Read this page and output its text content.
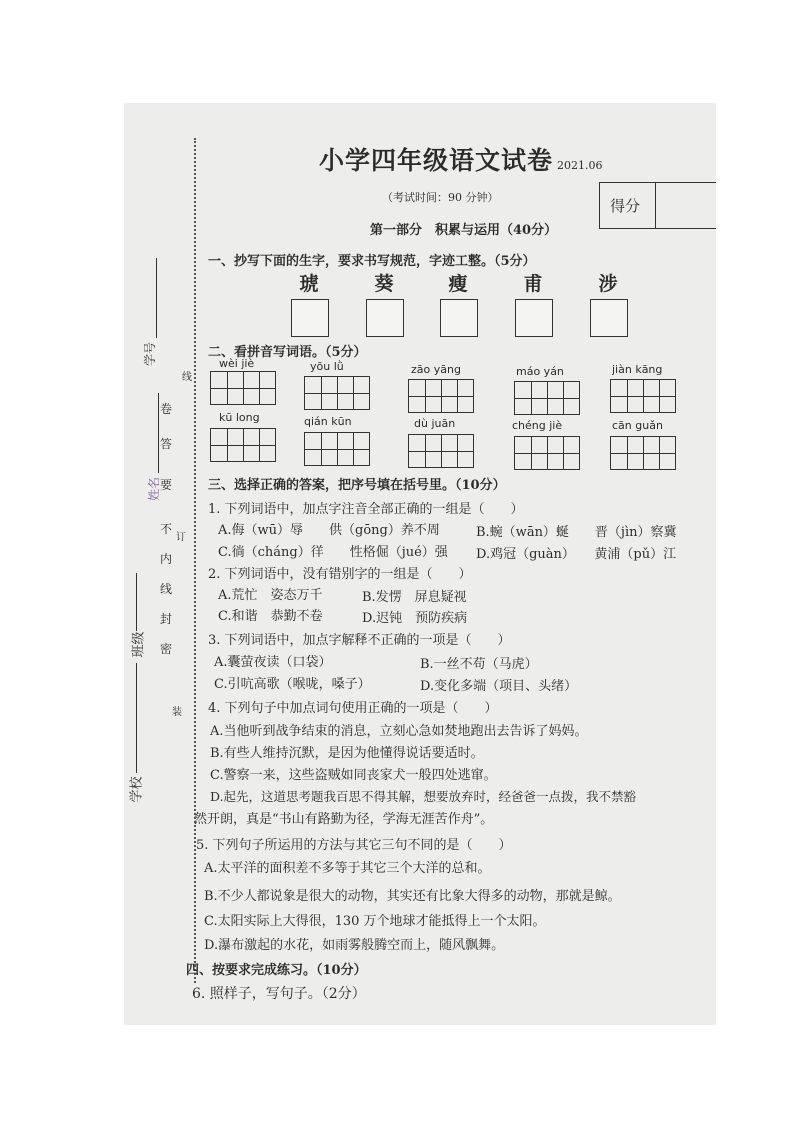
学校
班级
姓名
学号
密
封
线
内
不
要
答
卷
装
订
线
小学四年级语文试卷 2021.06
（考试时间：90 分钟）
第一部分　积累与运用（40分）
得分
一、抄写下面的生字，要求书写规范，字迹工整。（5分）
琥	葵	瘦	甫	涉
二、看拼音写词语。（5分）
wèi jiè	yōu lǜ	zāo yāng	máo yán	jiàn kāng
kū long	qián kūn	dù juān	chéng jiè	cān guǎn
三、选择正确的答案，把序号填在括号里。（10分）
1. 下列词语中，加点字注音全部正确的一组是（　　）
A.侮（wū）辱　　供（gōng）养不周	B.蜿（wān）蜒　　晋（jìn）察冀
C.徜（cháng）徉　　性格倔（jué）强 D.鸡冠（guàn）　　黄浦（pǔ）江
2. 下列词语中，没有错别字的一组是（　　）
A.荒忙　姿态万千	B.发愣　屏息疑视
C.和谐　恭勤不卷	D.迟钝　预防疾病
3. 下列词语中，加点字解释不正确的一项是（　　）
A.囊萤夜读（口袋）	B.一丝不苟（马虎）
C.引吭高歌（喉咙，嗓子）	D.变化多端（项目、头绪）
4. 下列句子中加点词句使用正确的一项是（　　）
A.当他听到战争结束的消息，立刻心急如焚地跑出去告诉了妈妈。
B.有些人维持沉默，是因为他懂得说话要适时。
C.警察一来，这些盗贼如同丧家犬一般四处逃窜。
D.起先，这道思考题我百思不得其解，想要放弃时，经爸爸一点拨，我不禁豁
然开朗，真是“书山有路勤为径，学海无涯苦作舟”。
5. 下列句子所运用的方法与其它三句不同的是（　　）
A.太平洋的面积差不多等于其它三个大洋的总和。
B.不少人都说象是很大的动物，其实还有比象大得多的动物，那就是鲸。
C.太阳实际上大得很，130 万个地球才能抵得上一个太阳。
D.瀑布激起的水花，如雨雾般腾空而上，随风飘舞。
四、按要求完成练习。（10分）
6. 照样子，写句子。（2分）
